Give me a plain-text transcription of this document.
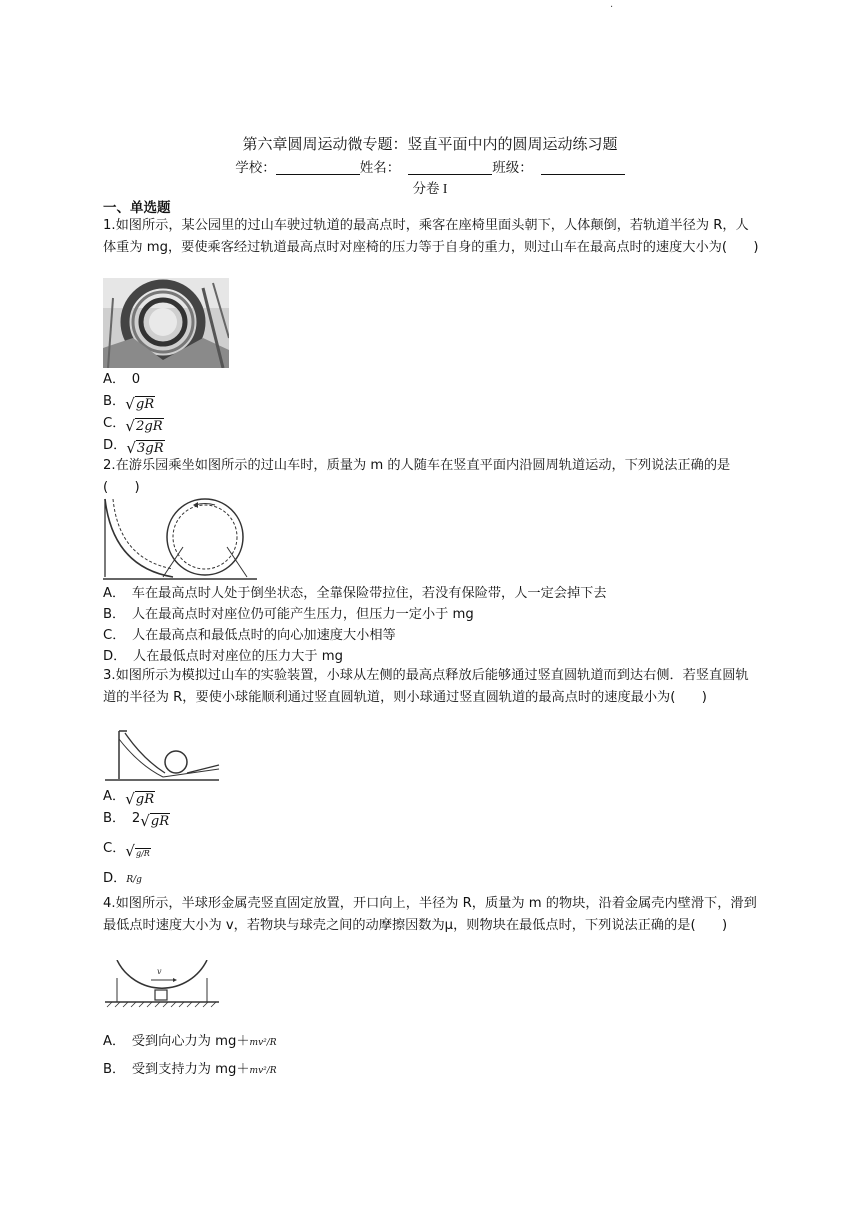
·
第六章圆周运动微专题：竖直平面中内的圆周运动练习题
学校：	姓名：	班级：
分卷 I
一、单选题
1.如图所示，某公园里的过山车驶过轨道的最高点时，乘客在座椅里面头朝下，人体颠倒，若轨道半径为 R，人体重为 mg，要使乘客经过轨道最高点时对座椅的压力等于自身的重力，则过山车在最高点时的速度大小为(　　)
A．　0
B． √ gR
C． √ 2gR
D． √ 3gR
2.在游乐园乘坐如图所示的过山车时，质量为 m 的人随车在竖直平面内沿圆周轨道运动，下列说法正确的是(　　)
A．　车在最高点时人处于倒坐状态，全靠保险带拉住，若没有保险带，人一定会掉下去
B．　人在最高点时对座位仍可能产生压力，但压力一定小于 mg
C．　人在最高点和最低点时的向心加速度大小相等
D．　人在最低点时对座位的压力大于 mg
3.如图所示为模拟过山车的实验装置，小球从左侧的最高点释放后能够通过竖直圆轨道而到达右侧．若竖直圆轨道的半径为 R，要使小球能顺利通过竖直圆轨道，则小球通过竖直圆轨道的最高点时的速度最小为(　　)
A． √ gR
B．　2 √ gR
C． √ g/R
D．R/g
4.如图所示，半球形金属壳竖直固定放置，开口向上，半径为 R，质量为 m 的物块，沿着金属壳内壁滑下，滑到最低点时速度大小为 v，若物块与球壳之间的动摩擦因数为μ，则物块在最低点时，下列说法正确的是(　　)
v
A．　受到向心力为 mg＋mv²/R
B．　受到支持力为 mg＋mv²/R
